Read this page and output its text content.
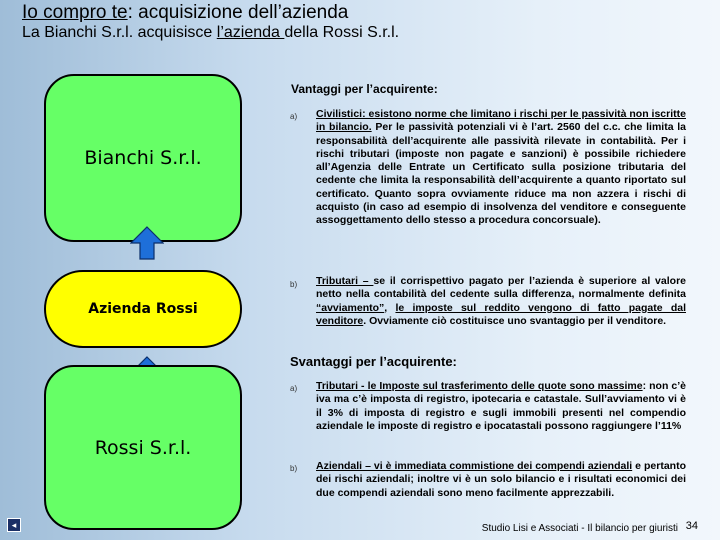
Io compro te: acquisizione dell’azienda
La Bianchi S.r.l. acquisisce l’azienda della Rossi S.r.l.
Bianchi S.r.l.
Azienda Rossi
Rossi S.r.l.
Vantaggi per l’acquirente:
a) Civilistici: esistono norme che limitano i rischi per le passività non iscritte in bilancio. Per le passività potenziali vi è l’art. 2560 del c.c. che limita la responsabilità dell’acquirente alle passività rilevate in contabilità. Per i rischi tributari (imposte non pagate e sanzioni) è possibile richiedere all’Agenzia delle Entrate un Certificato sulla posizione tributaria del cedente che limita la responsabilità dell’acquirente a quanto riportato sul certificato. Quanto sopra ovviamente riduce ma non azzera i rischi di acquisto (in caso ad esempio di insolvenza del venditore e conseguente assoggettamento dello stesso a procedura concorsuale).
b) Tributari – se il corrispettivo pagato per l’azienda è superiore al valore netto nella contabilità del cedente sulla differenza, normalmente definita “avviamento”, le imposte sul reddito vengono di fatto pagate dal venditore. Ovviamente ciò costituisce uno svantaggio per il venditore.
Svantaggi per l’acquirente:
a) Tributari - le Imposte sul trasferimento delle quote sono massime: non c’è iva ma c’è imposta di registro, ipotecaria e catastale. Sull’avviamento vi è il 3% di imposta di registro e sugli immobili presenti nel compendio aziendale le imposte di registro e ipocatastali possono raggiungere l’11%
b) Aziendali – vi è immediata commistione dei compendi aziendali e pertanto dei rischi aziendali; inoltre vi è un solo bilancio e i risultati economici dei due compendi aziendali sono meno facilmente apprezzabili.
◂	Studio Lisi e Associati - Il bilancio per giuristi 34
